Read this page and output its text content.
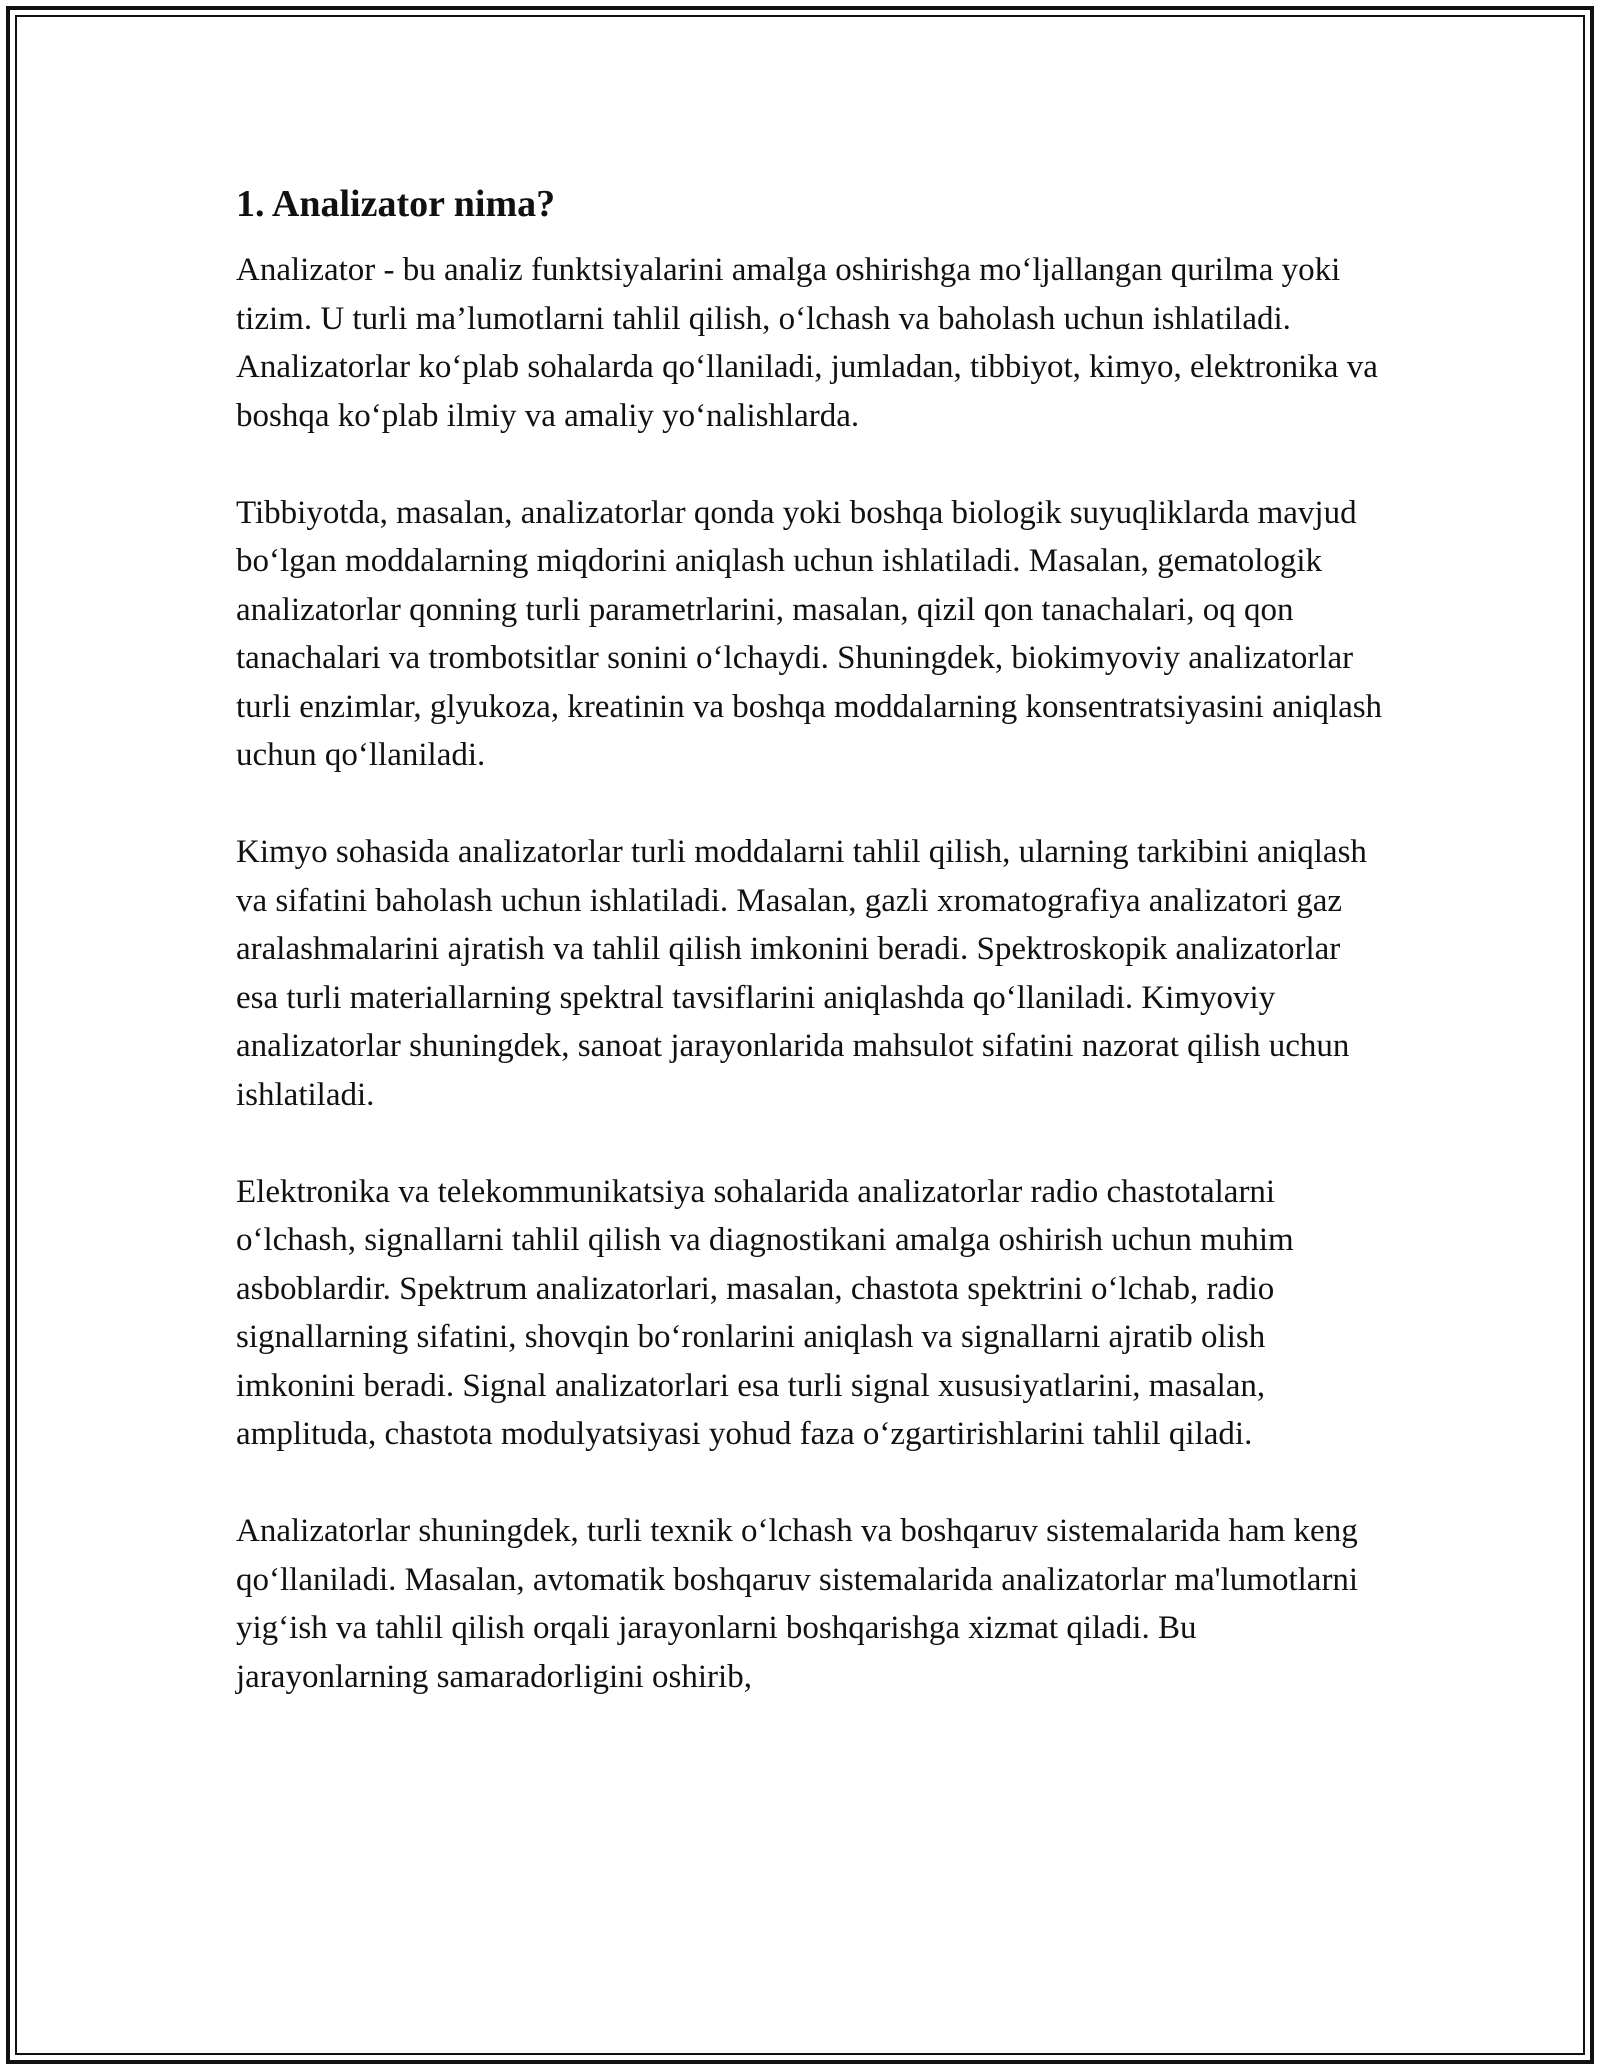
1. Analizator nima?

Analizator - bu analiz funktsiyalarini amalga oshirishga mo‘ljallangan qurilma yoki tizim. U turli ma’lumotlarni tahlil qilish, o‘lchash va baholash uchun ishlatiladi. Analizatorlar ko‘plab sohalarda qo‘llaniladi, jumladan, tibbiyot, kimyo, elektronika va boshqa ko‘plab ilmiy va amaliy yo‘nalishlarda.

Tibbiyotda, masalan, analizatorlar qonda yoki boshqa biologik suyuqliklarda mavjud bo‘lgan moddalarning miqdorini aniqlash uchun ishlatiladi. Masalan, gematologik analizatorlar qonning turli parametrlarini, masalan, qizil qon tanachalari, oq qon tanachalari va trombotsitlar sonini o‘lchaydi. Shuningdek, biokimyoviy analizatorlar turli enzimlar, glyukoza, kreatinin va boshqa moddalarning konsentratsiyasini aniqlash uchun qo‘llaniladi.

Kimyo sohasida analizatorlar turli moddalarni tahlil qilish, ularning tarkibini aniqlash va sifatini baholash uchun ishlatiladi. Masalan, gazli xromatografiya analizatori gaz aralashmalarini ajratish va tahlil qilish imkonini beradi. Spektroskopik analizatorlar esa turli materiallarning spektral tavsiflarini aniqlashda qo‘llaniladi. Kimyoviy analizatorlar shuningdek, sanoat jarayonlarida mahsulot sifatini nazorat qilish uchun ishlatiladi.

Elektronika va telekommunikatsiya sohalarida analizatorlar radio chastotalarni o‘lchash, signallarni tahlil qilish va diagnostikani amalga oshirish uchun muhim asboblardir. Spektrum analizatorlari, masalan, chastota spektrini o‘lchab, radio signallarning sifatini, shovqin bo‘ronlarini aniqlash va signallarni ajratib olish imkonini beradi. Signal analizatorlari esa turli signal xususiyatlarini, masalan, amplituda, chastota modulyatsiyasi yohud faza o‘zgartirishlarini tahlil qiladi.

Analizatorlar shuningdek, turli texnik o‘lchash va boshqaruv sistemalarida ham keng qo‘llaniladi. Masalan, avtomatik boshqaruv sistemalarida analizatorlar ma'lumotlarni yig‘ish va tahlil qilish orqali jarayonlarni boshqarishga xizmat qiladi. Bu jarayonlarning samaradorligini oshirib,
